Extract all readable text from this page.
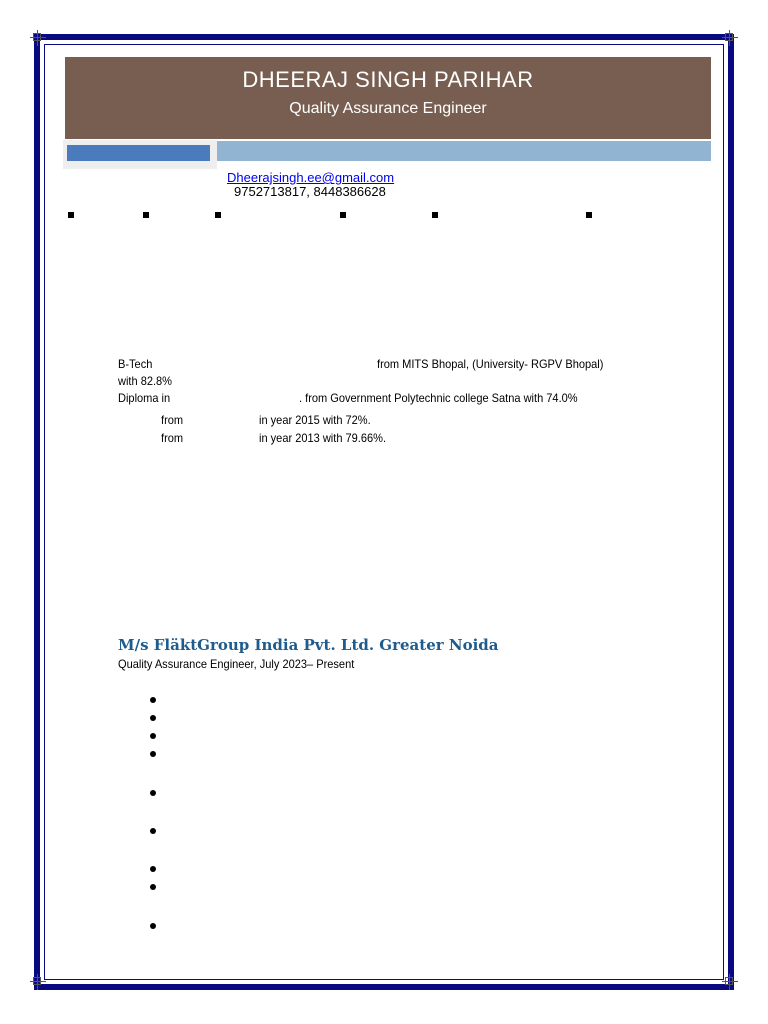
DHEERAJ SINGH PARIHAR
Quality Assurance Engineer
Dheerajsingh.ee@gmail.com
9752713817, 8448386628
B-Tech	from MITS Bhopal, (University- RGPV Bhopal)
with 82.8%
Diploma in	. from Government Polytechnic college Satna with 74.0%
from	in year 2015 with 72%.
from	in year 2013 with 79.66%.
M/s FläktGroup India Pvt. Ltd. Greater Noida
Quality Assurance Engineer, July 2023– Present
